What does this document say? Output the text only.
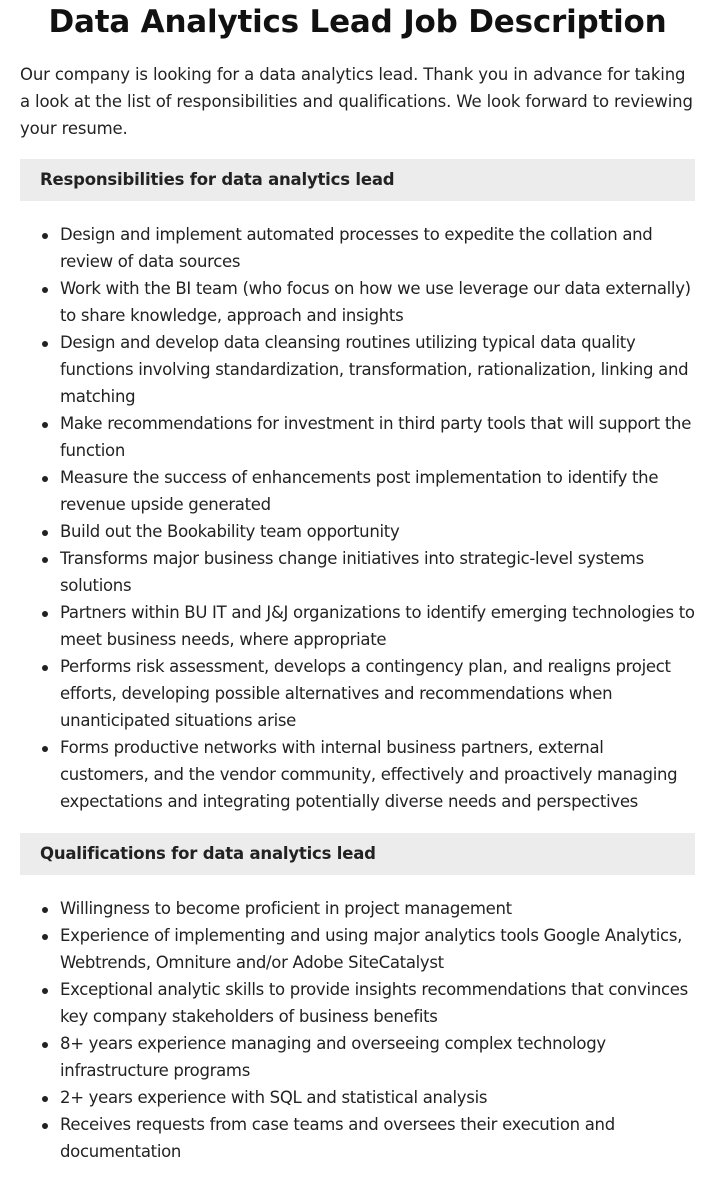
Data Analytics Lead Job Description

Our company is looking for a data analytics lead. Thank you in advance for taking a look at the list of responsibilities and qualifications. We look forward to reviewing your resume.

Responsibilities for data analytics lead
Design and implement automated processes to expedite the collation and review of data sources
Work with the BI team (who focus on how we use leverage our data externally) to share knowledge, approach and insights
Design and develop data cleansing routines utilizing typical data quality functions involving standardization, transformation, rationalization, linking and matching
Make recommendations for investment in third party tools that will support the function
Measure the success of enhancements post implementation to identify the revenue upside generated
Build out the Bookability team opportunity
Transforms major business change initiatives into strategic-level systems solutions
Partners within BU IT and J&J organizations to identify emerging technologies to meet business needs, where appropriate
Performs risk assessment, develops a contingency plan, and realigns project efforts, developing possible alternatives and recommendations when unanticipated situations arise
Forms productive networks with internal business partners, external customers, and the vendor community, effectively and proactively managing expectations and integrating potentially diverse needs and perspectives
Qualifications for data analytics lead
Willingness to become proficient in project management
Experience of implementing and using major analytics tools Google Analytics, Webtrends, Omniture and/or Adobe SiteCatalyst
Exceptional analytic skills to provide insights recommendations that convinces key company stakeholders of business benefits
8+ years experience managing and overseeing complex technology infrastructure programs
2+ years experience with SQL and statistical analysis
Receives requests from case teams and oversees their execution and documentation
